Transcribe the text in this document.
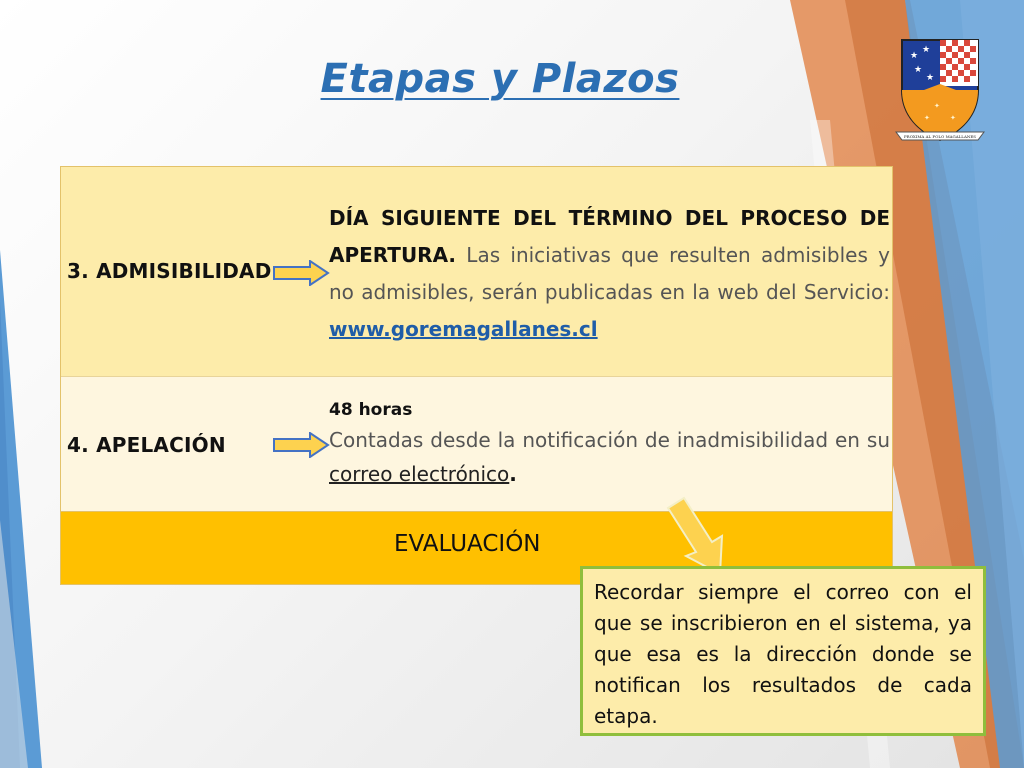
Etapas y Plazos	★
★
★
★
✦
✦	✦
PROXIMA AL POLO MAGALLANES
3. ADMISIBILIDAD
DÍA SIGUIENTE DEL TÉRMINO DEL PROCESO DE APERTURA. Las iniciativas que resulten admisibles y no admisibles, serán publicadas en la web del Servicio: www.goremagallanes.cl
4. APELACIÓN
48 horas
Contadas desde la notificación de inadmisibilidad en su correo electrónico.
EVALUACIÓN
Recordar siempre el correo con el que se inscribieron en el sistema, ya que esa es la dirección donde se notifican los resultados de cada etapa.
